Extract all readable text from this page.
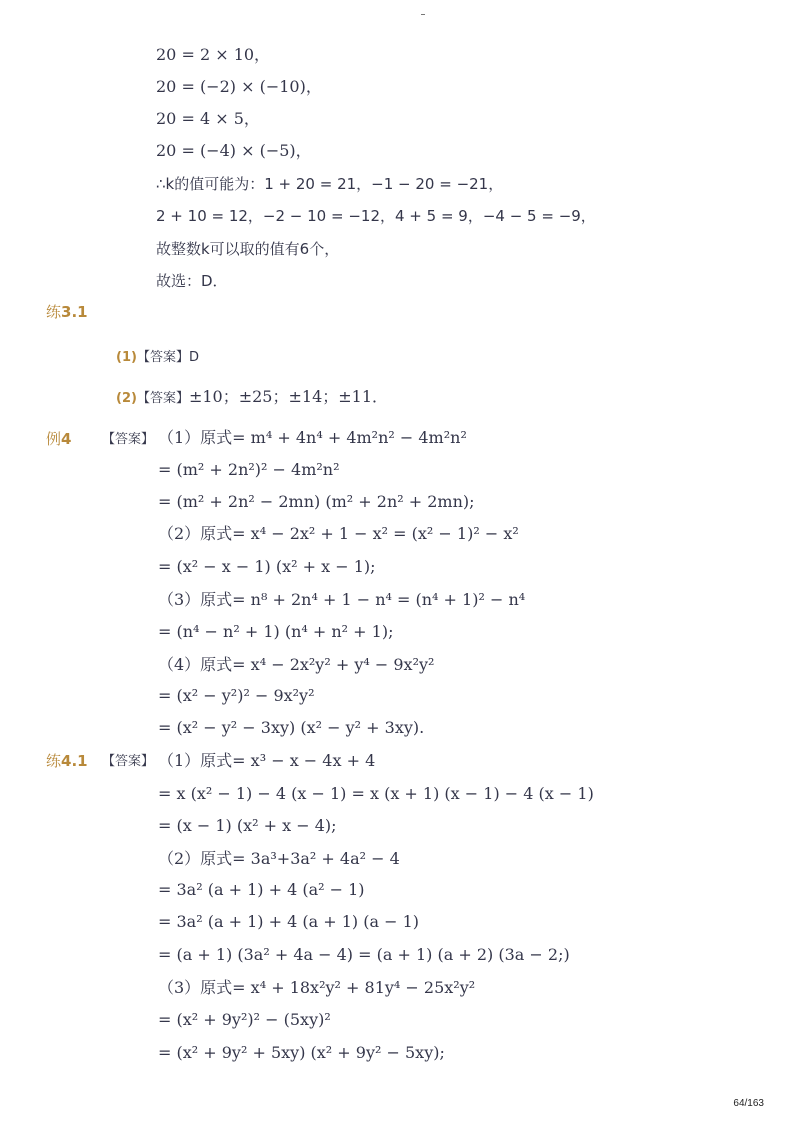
20 = 2 × 10，
20 = (−2) × (−10)，
20 = 4 × 5，
20 = (−4) × (−5)，
∴k的值可能为：1 + 20 = 21，−1 − 20 = −21，
2 + 10 = 12，−2 − 10 = −12，4 + 5 = 9，−4 − 5 = −9，
故整数k可以取的值有6个，
故选：D．
练3.1
(1)【答案】D
(2)【答案】±10；±25；±14；±11．
例4 【答案】 （1）原式= m⁴ + 4n⁴ + 4m²n² − 4m²n²
= (m² + 2n²)² − 4m²n²
= (m² + 2n² − 2mn) (m² + 2n² + 2mn);
（2）原式= x⁴ − 2x² + 1 − x² = (x² − 1)² − x²
= (x² − x − 1) (x² + x − 1);
（3）原式= n⁸ + 2n⁴ + 1 − n⁴ = (n⁴ + 1)² − n⁴
= (n⁴ − n² + 1) (n⁴ + n² + 1);
（4）原式= x⁴ − 2x²y² + y⁴ − 9x²y²
= (x² − y²)² − 9x²y²
= (x² − y² − 3xy) (x² − y² + 3xy).
练4.1 【答案】 （1）原式= x³ − x − 4x + 4
= x (x² − 1) − 4 (x − 1) = x (x + 1) (x − 1) − 4 (x − 1)
= (x − 1) (x² + x − 4);
（2）原式= 3a³+3a² + 4a² − 4
= 3a² (a + 1) + 4 (a² − 1)
= 3a² (a + 1) + 4 (a + 1) (a − 1)
= (a + 1) (3a² + 4a − 4) = (a + 1) (a + 2) (3a − 2;)
（3）原式= x⁴ + 18x²y² + 81y⁴ − 25x²y²
= (x² + 9y²)² − (5xy)²
= (x² + 9y² + 5xy) (x² + 9y² − 5xy);
64/163
